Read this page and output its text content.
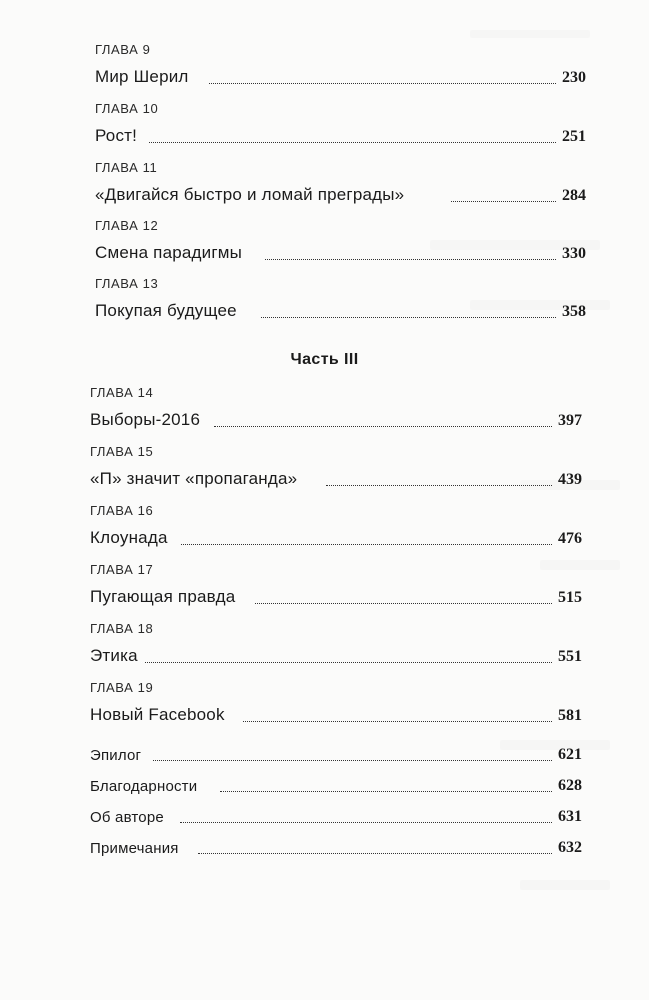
ГЛАВА 9
Мир Шерил	230
ГЛАВА 10
Рост!	251
ГЛАВА 11
«Двигайся быстро и ломай преграды»	284
ГЛАВА 12
Смена парадигмы	330
ГЛАВА 13
Покупая будущее	358
Часть III
ГЛАВА 14
Выборы-2016	397
ГЛАВА 15
«П» значит «пропаганда»	439
ГЛАВА 16
Клоунада	476
ГЛАВА 17
Пугающая правда	515
ГЛАВА 18
Этика	551
ГЛАВА 19
Новый Facebook	581
Эпилог	621
Благодарности	628
Об авторе	631
Примечания	632
